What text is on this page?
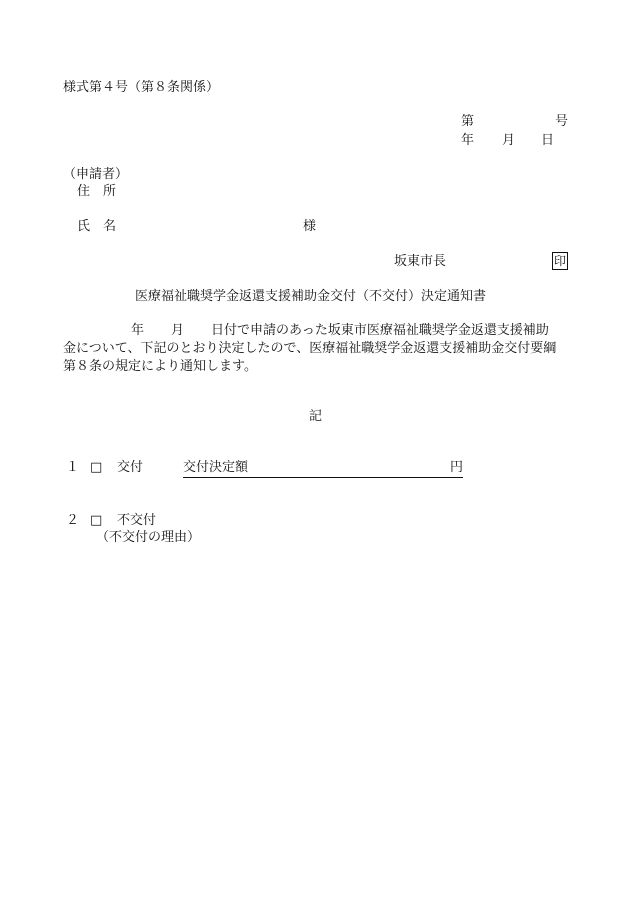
様式第４号（第８条関係）
第	号
年 月 日
（申請者）
住　所
氏　名	様
坂東市長	印
医療福祉職奨学金返還支援補助金交付（不交付）決定通知書
年 月 日付で申請のあった坂東市医療福祉職奨学金返還支援補助
金について、下記のとおり決定したので、医療福祉職奨学金返還支援補助金交付要綱
第８条の規定により通知します。
記
１ □ 交付	交付決定額	円
２ □ 不交付
（不交付の理由）
